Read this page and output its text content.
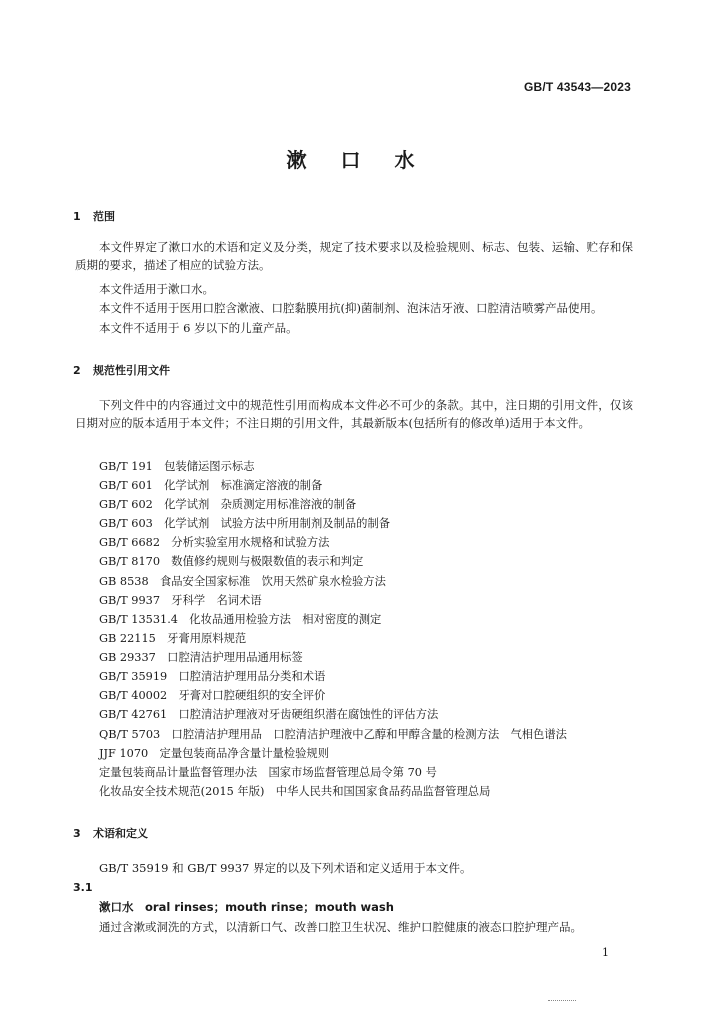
GB/T 43543—2023
漱口水
1 范围
本文件界定了漱口水的术语和定义及分类，规定了技术要求以及检验规则、标志、包装、运输、贮存和保质期的要求，描述了相应的试验方法。
本文件适用于漱口水。
本文件不适用于医用口腔含漱液、口腔黏膜用抗(抑)菌制剂、泡沫洁牙液、口腔清洁喷雾产品使用。
本文件不适用于 6 岁以下的儿童产品。
2 规范性引用文件
下列文件中的内容通过文中的规范性引用而构成本文件必不可少的条款。其中，注日期的引用文件，仅该日期对应的版本适用于本文件；不注日期的引用文件，其最新版本(包括所有的修改单)适用于本文件。
GB/T 191　包装储运图示标志
GB/T 601　化学试剂　标准滴定溶液的制备
GB/T 602　化学试剂　杂质测定用标准溶液的制备
GB/T 603　化学试剂　试验方法中所用制剂及制品的制备
GB/T 6682　分析实验室用水规格和试验方法
GB/T 8170　数值修约规则与极限数值的表示和判定
GB 8538　食品安全国家标准　饮用天然矿泉水检验方法
GB/T 9937　牙科学　名词术语
GB/T 13531.4　化妆品通用检验方法　相对密度的测定
GB 22115　牙膏用原料规范
GB 29337　口腔清洁护理用品通用标签
GB/T 35919　口腔清洁护理用品分类和术语
GB/T 40002　牙膏对口腔硬组织的安全评价
GB/T 42761　口腔清洁护理液对牙齿硬组织潜在腐蚀性的评估方法
QB/T 5703　口腔清洁护理用品　口腔清洁护理液中乙醇和甲醇含量的检测方法　气相色谱法
JJF 1070　定量包装商品净含量计量检验规则
定量包装商品计量监督管理办法　国家市场监督管理总局令第 70 号
化妆品安全技术规范(2015 年版)　中华人民共和国国家食品药品监督管理总局
3 术语和定义
GB/T 35919 和 GB/T 9937 界定的以及下列术语和定义适用于本文件。
3.1
漱口水　oral rinses；mouth rinse；mouth wash
通过含漱或洞洗的方式，以清新口气、改善口腔卫生状况、维护口腔健康的液态口腔护理产品。
1
